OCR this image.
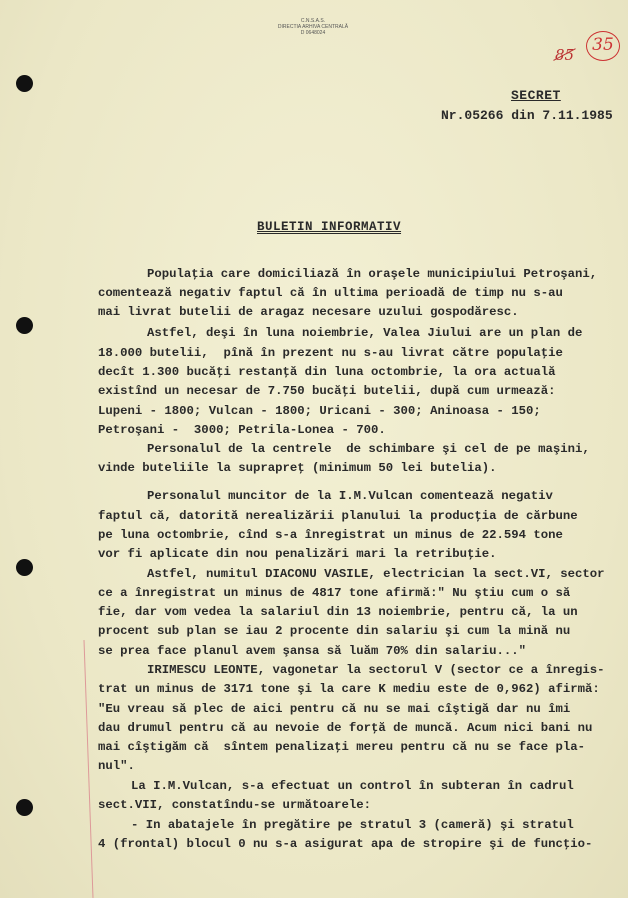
C.N.S.A.S.
DIRECTIA ARHIVA CENTRALĂ
D 0648024
85	35
SECRET
Nr.05266 din 7.11.1985
BULETIN INFORMATIV
Populaţia care domiciliază în oraşele municipiului Petroşani,
comentează negativ faptul că în ultima perioadă de timp nu s-au
mai livrat butelii de aragaz necesare uzului gospodăresc.
Astfel, deşi în luna noiembrie, Valea Jiului are un plan de
18.000 butelii,  pînă în prezent nu s-au livrat către populaţie
decît 1.300 bucăţi restanţă din luna octombrie, la ora actuală
existînd un necesar de 7.750 bucăţi butelii, după cum urmează:
Lupeni - 1800; Vulcan - 1800; Uricani - 300; Aninoasa - 150;
Petroşani -  3000; Petrila-Lonea - 700.
Personalul de la centrele  de schimbare şi cel de pe maşini,
vinde buteliile la suprapreţ (minimum 50 lei butelia).
Personalul muncitor de la I.M.Vulcan comentează negativ
faptul că, datorită nerealizării planului la producţia de cărbune
pe luna octombrie, cînd s-a înregistrat un minus de 22.594 tone
vor fi aplicate din nou penalizări mari la retribuţie.
Astfel, numitul DIACONU VASILE, electrician la sect.VI, sector
ce a înregistrat un minus de 4817 tone afirmă:" Nu ştiu cum o să
fie, dar vom vedea la salariul din 13 noiembrie, pentru că, la un
procent sub plan se iau 2 procente din salariu şi cum la mină nu
se prea face planul avem şansa să luăm 70% din salariu..."
IRIMESCU LEONTE, vagonetar la sectorul V (sector ce a înregis-
trat un minus de 3171 tone şi la care K mediu este de 0,962) afirmă:
"Eu vreau să plec de aici pentru că nu se mai cîştigă dar nu îmi
dau drumul pentru că au nevoie de forţă de muncă. Acum nici bani nu
mai cîştigăm că  sîntem penalizaţi mereu pentru că nu se face pla-
nul".
La I.M.Vulcan, s-a efectuat un control în subteran în cadrul
sect.VII, constatîndu-se următoarele:
- In abatajele în pregătire pe stratul 3 (cameră) şi stratul
4 (frontal) blocul 0 nu s-a asigurat apa de stropire şi de funcţio-
